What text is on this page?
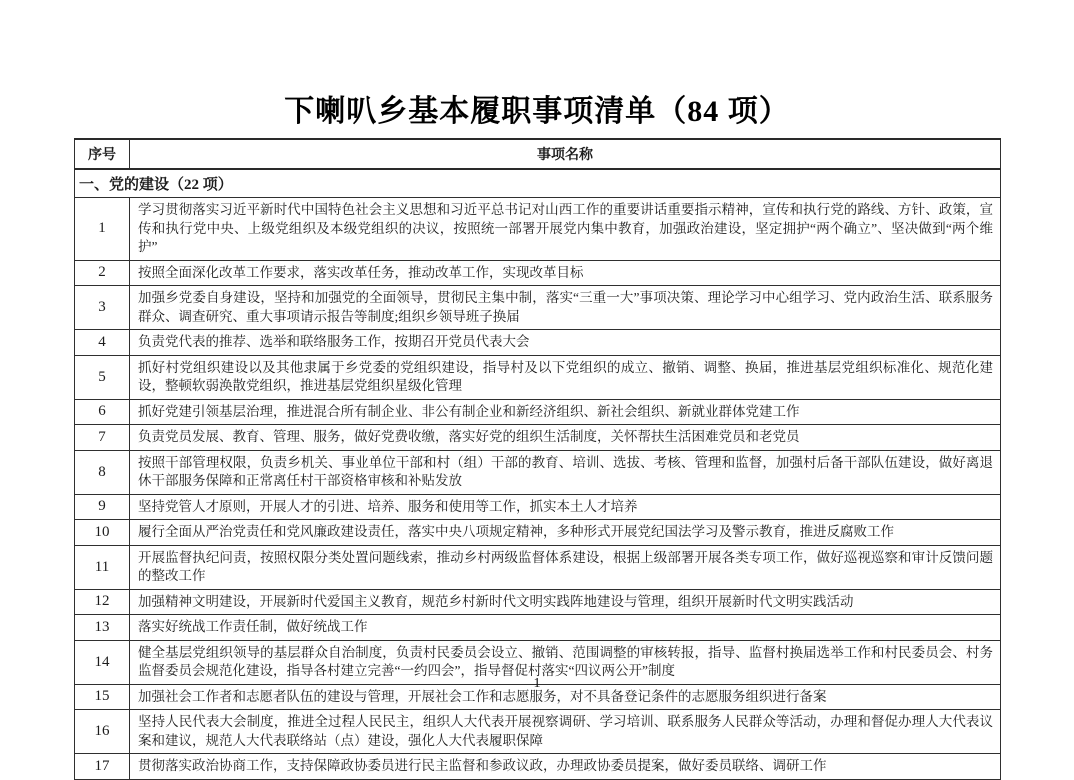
下喇叭乡基本履职事项清单（84 项）
序号	事项名称
一、党的建设（22 项）	
1	学习贯彻落实习近平新时代中国特色社会主义思想和习近平总书记对山西工作的重要讲话重要指示精神，宣传和执行党的路线、方针、政策，宣传和执行党中央、上级党组织及本级党组织的决议，按照统一部署开展党内集中教育，加强政治建设，坚定拥护“两个确立”、坚决做到“两个维护”
2	按照全面深化改革工作要求，落实改革任务，推动改革工作，实现改革目标
3	加强乡党委自身建设，坚持和加强党的全面领导，贯彻民主集中制，落实“三重一大”事项决策、理论学习中心组学习、党内政治生活、联系服务群众、调查研究、重大事项请示报告等制度;组织乡领导班子换届
4	负责党代表的推荐、选举和联络服务工作，按期召开党员代表大会
5	抓好村党组织建设以及其他隶属于乡党委的党组织建设，指导村及以下党组织的成立、撤销、调整、换届，推进基层党组织标准化、规范化建设，整顿软弱涣散党组织，推进基层党组织星级化管理
6	抓好党建引领基层治理，推进混合所有制企业、非公有制企业和新经济组织、新社会组织、新就业群体党建工作
7	负责党员发展、教育、管理、服务，做好党费收缴，落实好党的组织生活制度，关怀帮扶生活困难党员和老党员
8	按照干部管理权限，负责乡机关、事业单位干部和村（组）干部的教育、培训、选拔、考核、管理和监督，加强村后备干部队伍建设，做好离退休干部服务保障和正常离任村干部资格审核和补贴发放
9	坚持党管人才原则，开展人才的引进、培养、服务和使用等工作，抓实本土人才培养
10	履行全面从严治党责任和党风廉政建设责任，落实中央八项规定精神，多种形式开展党纪国法学习及警示教育，推进反腐败工作
11	开展监督执纪问责，按照权限分类处置问题线索，推动乡村两级监督体系建设，根据上级部署开展各类专项工作，做好巡视巡察和审计反馈问题的整改工作
12	加强精神文明建设，开展新时代爱国主义教育，规范乡村新时代文明实践阵地建设与管理，组织开展新时代文明实践活动
13	落实好统战工作责任制，做好统战工作
14	健全基层党组织领导的基层群众自治制度，负责村民委员会设立、撤销、范围调整的审核转报，指导、监督村换届选举工作和村民委员会、村务监督委员会规范化建设，指导各村建立完善“一约四会”，指导督促村落实“四议两公开”制度
15	加强社会工作者和志愿者队伍的建设与管理，开展社会工作和志愿服务，对不具备登记条件的志愿服务组织进行备案
16	坚持人民代表大会制度，推进全过程人民民主，组织人大代表开展视察调研、学习培训、联系服务人民群众等活动，办理和督促办理人大代表议案和建议，规范人大代表联络站（点）建设，强化人大代表履职保障
17	贯彻落实政治协商工作，支持保障政协委员进行民主监督和参政议政，办理政协委员提案，做好委员联络、调研工作
1
